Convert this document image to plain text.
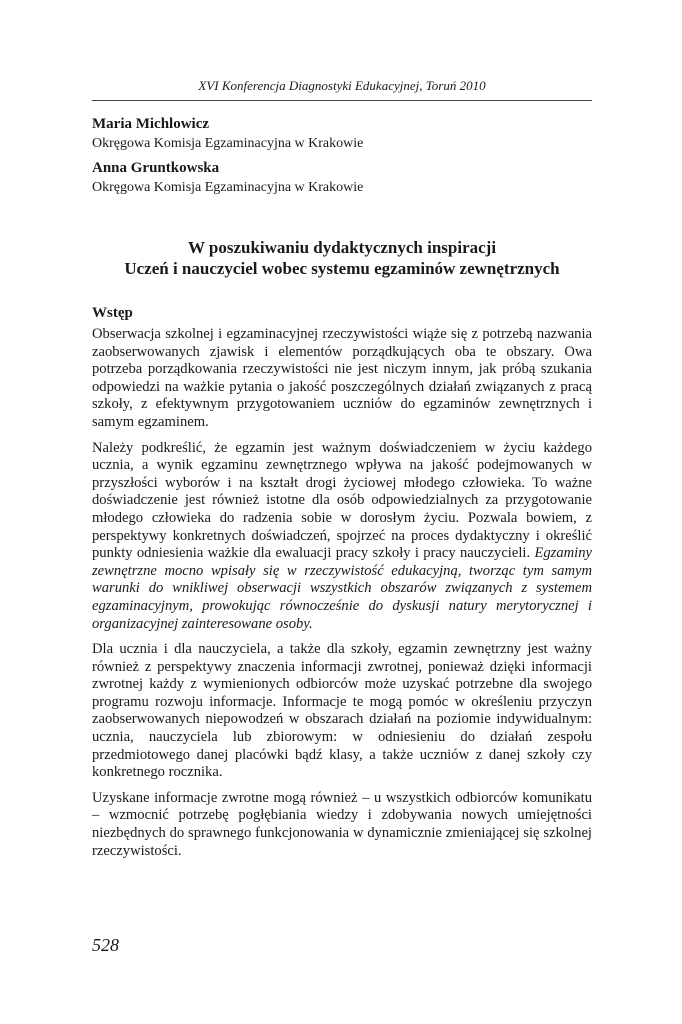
XVI Konferencja Diagnostyki Edukacyjnej, Toruń 2010
Maria Michlowicz
Okręgowa Komisja Egzaminacyjna w Krakowie
Anna Gruntkowska
Okręgowa Komisja Egzaminacyjna w Krakowie
W poszukiwaniu dydaktycznych inspiracji
Uczeń i nauczyciel wobec systemu egzaminów zewnętrznych
Wstęp

Obserwacja szkolnej i egzaminacyjnej rzeczywistości wiąże się z potrzebą nazwania zaobserwowanych zjawisk i elementów porządkujących oba te obszary. Owa potrzeba porządkowania rzeczywistości nie jest niczym innym, jak próbą szukania odpowiedzi na ważkie pytania o jakość poszczególnych działań związanych z pracą szkoły, z efektywnym przygotowaniem uczniów do egzaminów zewnętrznych i samym egzaminem.

Należy podkreślić, że egzamin jest ważnym doświadczeniem w życiu każdego ucznia, a wynik egzaminu zewnętrznego wpływa na jakość podejmowanych w przyszłości wyborów i na kształt drogi życiowej młodego człowieka. To ważne doświadczenie jest również istotne dla osób odpowiedzialnych za przygotowanie młodego człowieka do radzenia sobie w dorosłym życiu. Pozwala bowiem, z perspektywy konkretnych doświadczeń, spojrzeć na proces dydaktyczny i określić punkty odniesienia ważkie dla ewaluacji pracy szkoły i pracy nauczycieli. Egzaminy zewnętrzne mocno wpisały się w rzeczywistość edukacyjną, tworząc tym samym warunki do wnikliwej obserwacji wszystkich obszarów związanych z systemem egzaminacyjnym, prowokując równocześnie do dyskusji natury merytorycznej i organizacyjnej zainteresowane osoby.

Dla ucznia i dla nauczyciela, a także dla szkoły, egzamin zewnętrzny jest ważny również z perspektywy znaczenia informacji zwrotnej, ponieważ dzięki informacji zwrotnej każdy z wymienionych odbiorców może uzyskać potrzebne dla swojego programu rozwoju informacje. Informacje te mogą pomóc w określeniu przyczyn zaobserwowanych niepowodzeń w obszarach działań na poziomie indywidualnym: ucznia, nauczyciela lub zbiorowym: w odniesieniu do działań zespołu przedmiotowego danej placówki bądź klasy, a także uczniów z danej szkoły czy konkretnego rocznika.

Uzyskane informacje zwrotne mogą również – u wszystkich odbiorców komunikatu – wzmocnić potrzebę pogłębiania wiedzy i zdobywania nowych umiejętności niezbędnych do sprawnego funkcjonowania w dynamicznie zmieniającej się szkolnej rzeczywistości.

528
